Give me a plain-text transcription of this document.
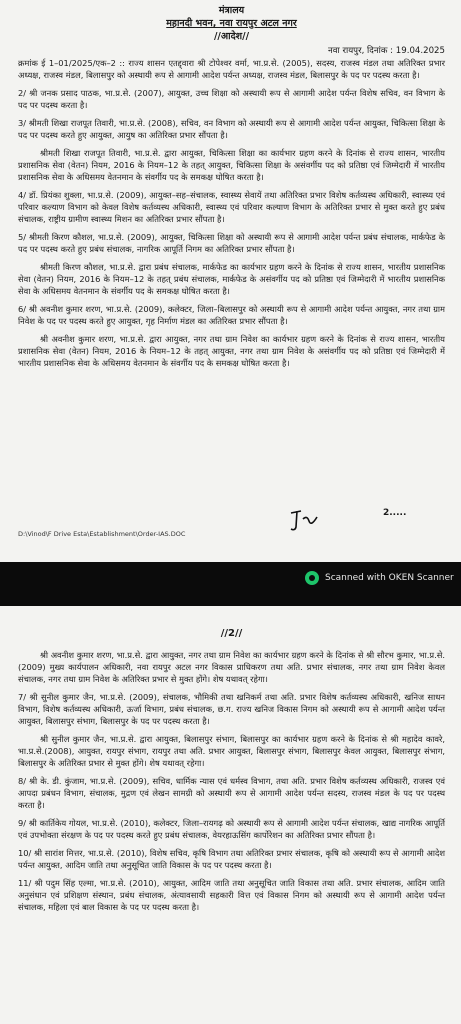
मंत्रालय
महानदी भवन, नवा रायपुर अटल नगर
//आदेश//
नवा रायपुर, दिनांक : 19.04.2025

क्रमांक ई 1–01/2025/एक–2 :: राज्य शासन एतद्द्वारा श्री टोपेश्वर वर्मा, भा.प्र.से. (2005), सदस्य, राजस्व मंडल तथा अतिरिक्त प्रभार अध्यक्ष, राजस्व मंडल, बिलासपुर को अस्थायी रूप से आगामी आदेश पर्यन्त अध्यक्ष, राजस्व मंडल, बिलासपुर के पद पर पदस्थ करता है।

2/ श्री जनक प्रसाद पाठक, भा.प्र.से. (2007), आयुक्त, उच्च शिक्षा को अस्थायी रूप से आगामी आदेश पर्यन्त विशेष सचिव, वन विभाग के पद पर पदस्थ करता है।

3/ श्रीमती शिखा राजपूत तिवारी, भा.प्र.से. (2008), सचिव, वन विभाग को अस्थायी रूप से आगामी आदेश पर्यन्त आयुक्त, चिकित्सा शिक्षा के पद पर पदस्थ करते हुए आयुक्त, आयुष का अतिरिक्त प्रभार सौंपता है।

श्रीमती शिखा राजपूत तिवारी, भा.प्र.से. द्वारा आयुक्त, चिकित्सा शिक्षा का कार्यभार ग्रहण करने के दिनांक से राज्य शासन, भारतीय प्रशासनिक सेवा (वेतन) नियम, 2016 के नियम–12 के तहत् आयुक्त, चिकित्सा शिक्षा के असंवर्गीय पद को प्रतिष्ठा एवं जिम्मेदारी में भारतीय प्रशासनिक सेवा के अधिसमय वेतनमान के संवर्गीय पद के समकक्ष घोषित करता है।

4/ डॉ. प्रियंका शुक्ला, भा.प्र.से. (2009), आयुक्त–सह–संचालक, स्वास्थ्य सेवायें तथा अतिरिक्त प्रभार विशेष कर्तव्यस्थ अधिकारी, स्वास्थ्य एवं परिवार कल्याण विभाग को केवल विशेष कर्तव्यस्थ अधिकारी, स्वास्थ्य एवं परिवार कल्याण विभाग के अतिरिक्त प्रभार से मुक्त करते हुए प्रबंध संचालक, राष्ट्रीय ग्रामीण स्वास्थ्य मिशन का अतिरिक्त प्रभार सौंपता है।

5/ श्रीमती किरण कौशल, भा.प्र.से. (2009), आयुक्त, चिकित्सा शिक्षा को अस्थायी रूप से आगामी आदेश पर्यन्त प्रबंध संचालक, मार्कफेड के पद पर पदस्थ करते हुए प्रबंध संचालक, नागरिक आपूर्ति निगम का अतिरिक्त प्रभार सौंपता है।

श्रीमती किरण कौशल, भा.प्र.से. द्वारा प्रबंध संचालक, मार्कफेड का कार्यभार ग्रहण करने के दिनांक से राज्य शासन, भारतीय प्रशासनिक सेवा (वेतन) नियम, 2016 के नियम–12 के तहत् प्रबंध संचालक, मार्कफेड के असंवर्गीय पद को प्रतिष्ठा एवं जिम्मेदारी में भारतीय प्रशासनिक सेवा के अधिसमय वेतनमान के संवर्गीय पद के समकक्ष घोषित करता है।

6/ श्री अवनीश कुमार शरण, भा.प्र.से. (2009), कलेक्टर, जिला–बिलासपुर को अस्थायी रूप से आगामी आदेश पर्यन्त आयुक्त, नगर तथा ग्राम निवेश के पद पर पदस्थ करते हुए आयुक्त, गृह निर्माण मंडल का अतिरिक्त प्रभार सौंपता है।

श्री अवनीश कुमार शरण, भा.प्र.से. द्वारा आयुक्त, नगर तथा ग्राम निवेश का कार्यभार ग्रहण करने के दिनांक से राज्य शासन, भारतीय प्रशासनिक सेवा (वेतन) नियम, 2016 के नियम–12 के तहत् आयुक्त, नगर तथा ग्राम निवेश के असंवर्गीय पद को प्रतिष्ठा एवं जिम्मेदारी में भारतीय प्रशासनिक सेवा के अधिसमय वेतनमान के संवर्गीय पद के समकक्ष घोषित करता है।

2.....
D:\Vinod\F Drive Esta\Establishment\Order-IAS.DOC
Scanned with OKEN Scanner
//2//

श्री अवनीश कुमार शरण, भा.प्र.से. द्वारा आयुक्त, नगर तथा ग्राम निवेश का कार्यभार ग्रहण करने के दिनांक से श्री सौरभ कुमार, भा.प्र.से. (2009) मुख्य कार्यपालन अधिकारी, नवा रायपुर अटल नगर विकास प्राधिकरण तथा अति. प्रभार संचालक, नगर तथा ग्राम निवेश केवल संचालक, नगर तथा ग्राम निवेश के अतिरिक्त प्रभार से मुक्त होंगे। शेष यथावत् रहेगा।

7/ श्री सुनील कुमार जैन, भा.प्र.से. (2009), संचालक, भौमिकी तथा खनिकर्म तथा अति. प्रभार विशेष कर्तव्यस्थ अधिकारी, खनिज साधन विभाग, विशेष कर्तव्यस्थ अधिकारी, ऊर्जा विभाग, प्रबंध संचालक, छ.ग. राज्य खनिज विकास निगम को अस्थायी रूप से आगामी आदेश पर्यन्त आयुक्त, बिलासपुर संभाग, बिलासपुर के पद पर पदस्थ करता है।

श्री सुनील कुमार जैन, भा.प्र.से. द्वारा आयुक्त, बिलासपुर संभाग, बिलासपुर का कार्यभार ग्रहण करने के दिनांक से श्री महादेव कावरे, भा.प्र.से.(2008), आयुक्त, रायपुर संभाग, रायपुर तथा अति. प्रभार आयुक्त, बिलासपुर संभाग, बिलासपुर केवल आयुक्त, बिलासपुर संभाग, बिलासपुर के अतिरिक्त प्रभार से मुक्त होंगे। शेष यथावत् रहेगा।

8/ श्री के. डी. कुंजाम, भा.प्र.से. (2009), सचिव, धार्मिक न्यास एवं धर्मस्व विभाग, तथा अति. प्रभार विशेष कर्तव्यस्थ अधिकारी, राजस्व एवं आपदा प्रबंधन विभाग, संचालक, मुद्रण एवं लेखन सामग्री को अस्थायी रूप से आगामी आदेश पर्यन्त सदस्य, राजस्व मंडल के पद पर पदस्थ करता है।

9/ श्री कार्तिकेय गोयल, भा.प्र.से. (2010), कलेक्टर, जिला–रायगढ़ को अस्थायी रूप से आगामी आदेश पर्यन्त संचालक, खाद्य नागरिक आपूर्ति एवं उपभोक्ता संरक्षण के पद पर पदस्थ करते हुए प्रबंध संचालक, वेयरहाऊसिंग कार्पोरेशन का अतिरिक्त प्रभार सौंपता है।

10/ श्री सारांश मित्तर, भा.प्र.से. (2010), विशेष सचिव, कृषि विभाग तथा अतिरिक्त प्रभार संचालक, कृषि को अस्थायी रूप से आगामी आदेश पर्यन्त आयुक्त, आदिम जाति तथा अनुसूचित जाति विकास के पद पर पदस्थ करता है।

11/ श्री पदुम सिंह एल्मा, भा.प्र.से. (2010), आयुक्त, आदिम जाति तथा अनुसूचित जाति विकास तथा अति. प्रभार संचालक, आदिम जाति अनुसंधान एवं प्रशिक्षण संस्थान, प्रबंध संचालक, अंत्यावसायी सहकारी वित्त एवं विकास निगम को अस्थायी रूप से आगामी आदेश पर्यन्त संचालक, महिला एवं बाल विकास के पद पर पदस्थ करता है।
